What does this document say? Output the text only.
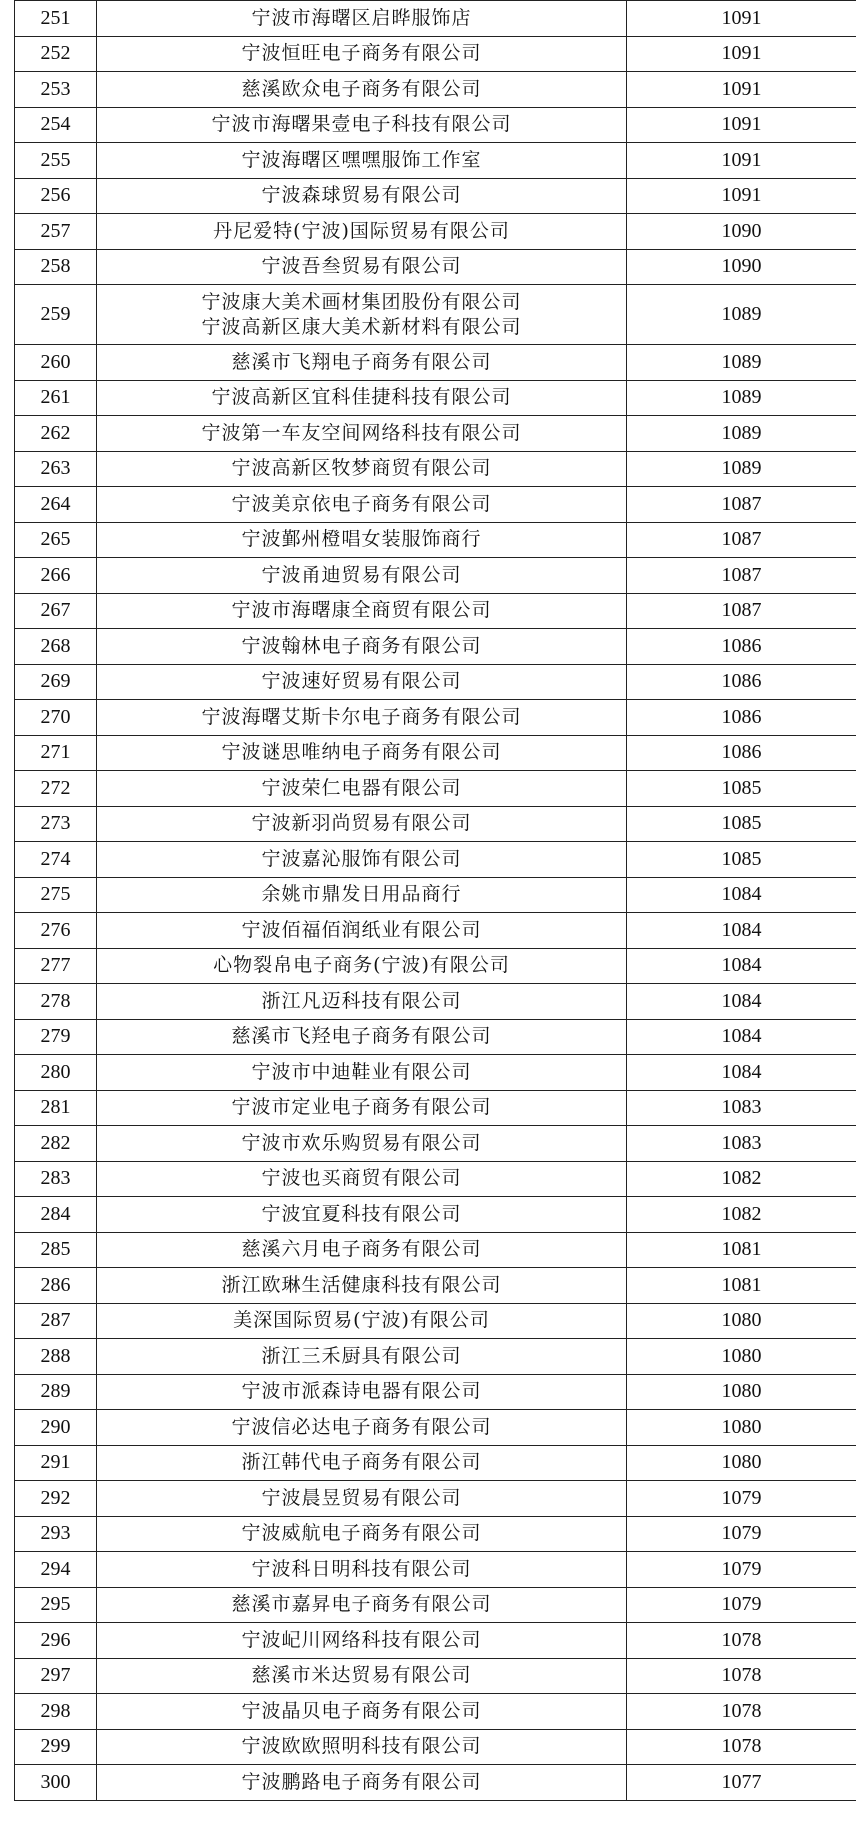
251	宁波市海曙区启晔服饰店	1091
252	宁波恒旺电子商务有限公司	1091
253	慈溪欧众电子商务有限公司	1091
254	宁波市海曙果壹电子科技有限公司	1091
255	宁波海曙区嘿嘿服饰工作室	1091
256	宁波森球贸易有限公司	1091
257	丹尼爱特(宁波)国际贸易有限公司	1090
258	宁波吾叁贸易有限公司	1090
259	宁波康大美术画材集团股份有限公司
宁波高新区康大美术新材料有限公司	1089
260	慈溪市飞翔电子商务有限公司	1089
261	宁波高新区宜科佳捷科技有限公司	1089
262	宁波第一车友空间网络科技有限公司	1089
263	宁波高新区牧梦商贸有限公司	1089
264	宁波美京依电子商务有限公司	1087
265	宁波鄞州橙唱女装服饰商行	1087
266	宁波甬迪贸易有限公司	1087
267	宁波市海曙康全商贸有限公司	1087
268	宁波翰林电子商务有限公司	1086
269	宁波速好贸易有限公司	1086
270	宁波海曙艾斯卡尔电子商务有限公司	1086
271	宁波谜思唯纳电子商务有限公司	1086
272	宁波荣仁电器有限公司	1085
273	宁波新羽尚贸易有限公司	1085
274	宁波嘉沁服饰有限公司	1085
275	余姚市鼎发日用品商行	1084
276	宁波佰福佰润纸业有限公司	1084
277	心物裂帛电子商务(宁波)有限公司	1084
278	浙江凡迈科技有限公司	1084
279	慈溪市飞羟电子商务有限公司	1084
280	宁波市中迪鞋业有限公司	1084
281	宁波市定业电子商务有限公司	1083
282	宁波市欢乐购贸易有限公司	1083
283	宁波也买商贸有限公司	1082
284	宁波宜夏科技有限公司	1082
285	慈溪六月电子商务有限公司	1081
286	浙江欧琳生活健康科技有限公司	1081
287	美深国际贸易(宁波)有限公司	1080
288	浙江三禾厨具有限公司	1080
289	宁波市派森诗电器有限公司	1080
290	宁波信必达电子商务有限公司	1080
291	浙江韩代电子商务有限公司	1080
292	宁波晨昱贸易有限公司	1079
293	宁波威航电子商务有限公司	1079
294	宁波科日明科技有限公司	1079
295	慈溪市嘉昇电子商务有限公司	1079
296	宁波屺川网络科技有限公司	1078
297	慈溪市米达贸易有限公司	1078
298	宁波晶贝电子商务有限公司	1078
299	宁波欧欧照明科技有限公司	1078
300	宁波鹏路电子商务有限公司	1077
